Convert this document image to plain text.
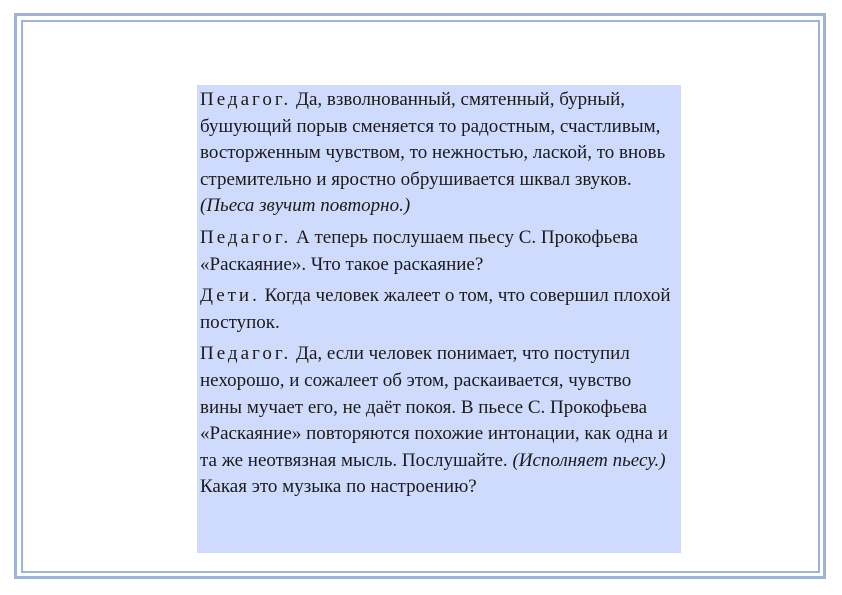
Педагог. Да, взволнованный, смятенный, бурный, бушующий порыв сменяется то радостным, счастливым, восторженным чувством, то нежностью, лаской, то вновь стремительно и яростно обрушивается шквал звуков. (Пьеса звучит повторно.)

Педагог. А теперь послушаем пьесу С. Прокофьева «Раскаяние». Что такое раскаяние?

Дети. Когда человек жалеет о том, что совершил плохой поступок.

Педагог. Да, если человек понимает, что поступил нехорошо, и сожалеет об этом, раскаивается, чувство вины мучает его, не даёт покоя. В пьесе С. Прокофьева «Раскаяние» повторяются похожие интонации, как одна и та же неотвязная мысль. Послушайте. (Исполняет пьесу.) Какая это музыка по настроению?
